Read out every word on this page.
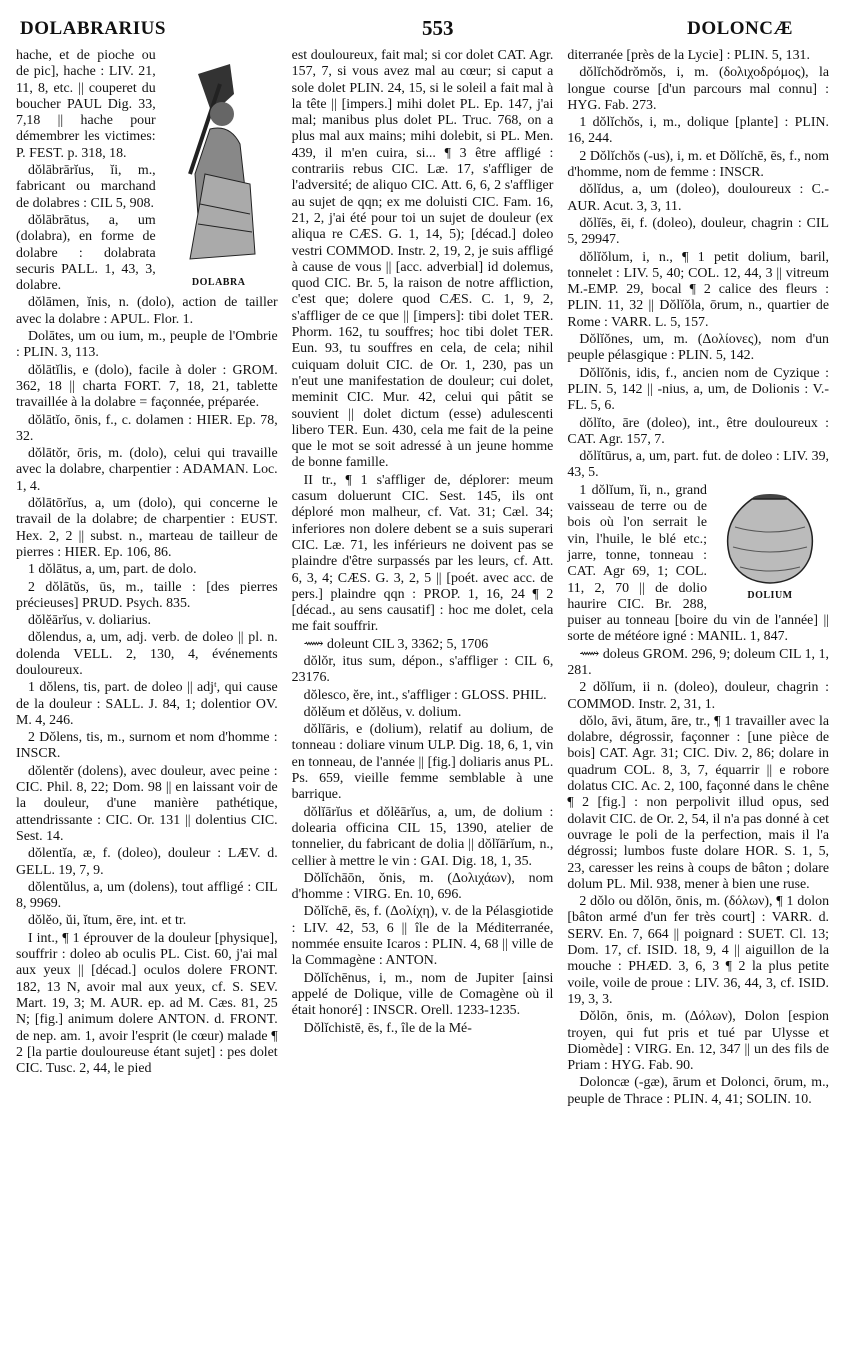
DOLABRARIUS	553	DOLONCÆ
DOLABRA

hache, et de pioche ou de pic], hache : LIV. 21, 11, 8, etc. || couperet du boucher PAUL Dig. 33, 7,18 || hache pour démembrer les victimes: P. FEST. p. 318, 18.

dŏlābrārĭus, ĭi, m., fabricant ou marchand de dolabres : CIL 5, 908.

dŏlābrātus, a, um (dolabra), en forme de dolabre : dolabrata securis PALL. 1, 43, 3, dolabre.

dŏlāmen, ĭnis, n. (dolo), action de tailler avec la dolabre : APUL. Flor. 1.

Dolātes, um ou ium, m., peuple de l'Ombrie : PLIN. 3, 113.

dŏlātĭlis, e (dolo), facile à doler : GROM. 362, 18 || charta FORT. 7, 18, 21, tablette travaillée à la dolabre = façonnée, préparée.

dŏlātĭo, ōnis, f., c. dolamen : HIER. Ep. 78, 32.

dŏlātŏr, ōris, m. (dolo), celui qui travaille avec la dolabre, charpentier : ADAMAN. Loc. 1, 4.

dŏlātōrĭus, a, um (dolo), qui concerne le travail de la dolabre; de charpentier : EUST. Hex. 2, 2 || subst. n., marteau de tailleur de pierres : HIER. Ep. 106, 86.

1 dŏlātus, a, um, part. de dolo.

2 dŏlātŭs, ūs, m., taille : [des pierres précieuses] PRUD. Psych. 835.

dŏlĕārĭus, v. doliarius.

dŏlendus, a, um, adj. verb. de doleo || pl. n. dolenda VELL. 2, 130, 4, événements douloureux.

1 dŏlens, tis, part. de doleo || adjᵗ, qui cause de la douleur : SALL. J. 84, 1; dolentior OV. M. 4, 246.

2 Dŏlens, tis, m., surnom et nom d'homme : INSCR.

dŏlentĕr (dolens), avec douleur, avec peine : CIC. Phil. 8, 22; Dom. 98 || en laissant voir de la douleur, d'une manière pathétique, attendrissante : CIC. Or. 131 || dolentius CIC. Sest. 14.

dŏlentĭa, æ, f. (doleo), douleur : LÆV. d. GELL. 19, 7, 9.

dŏlentŭlus, a, um (dolens), tout affligé : CIL 8, 9969.

dŏlĕo, ŭi, ĭtum, ēre, int. et tr.

I int., ¶ 1 éprouver de la douleur [physique], souffrir : doleo ab oculis PL. Cist. 60, j'ai mal aux yeux || [décad.] oculos dolere FRONT. 182, 13 N, avoir mal aux yeux, cf. S. SEV. Mart. 19, 3; M. AUR. ep. ad M. Cæs. 81, 25 N; [fig.] animum dolere ANTON. d. FRONT. de nep. am. 1, avoir l'esprit (le cœur) malade ¶ 2 [la partie douloureuse étant sujet] : pes dolet CIC. Tusc. 2, 44, le pied

est douloureux, fait mal; si cor dolet CAT. Agr. 157, 7, si vous avez mal au cœur; si caput a sole dolet PLIN. 24, 15, si le soleil a fait mal à la tête || [impers.] mihi dolet PL. Ep. 147, j'ai mal; manibus plus dolet PL. Truc. 768, on a plus mal aux mains; mihi dolebit, si PL. Men. 439, il m'en cuira, si... ¶ 3 être affligé : contrariis rebus CIC. Læ. 17, s'affliger de l'adversité; de aliquo CIC. Att. 6, 6, 2 s'affliger au sujet de qqn; ex me doluisti CIC. Fam. 16, 21, 2, j'ai été pour toi un sujet de douleur (ex aliqua re CÆS. G. 1, 14, 5); [décad.] doleo vestri COMMOD. Instr. 2, 19, 2, je suis affligé à cause de vous || [acc. adverbial] id dolemus, quod CIC. Br. 5, la raison de notre affliction, c'est que; dolere quod CÆS. C. 1, 9, 2, s'affliger de ce que || [impers]: tibi dolet TER. Phorm. 162, tu souffres; hoc tibi dolet TER. Eun. 93, tu souffres en cela, de cela; nihil cuiquam doluit CIC. de Or. 1, 230, pas un n'eut une manifestation de douleur; cui dolet, meminit CIC. Mur. 42, celui qui pâtit se souvient || dolet dictum (esse) adulescenti libero TER. Eun. 430, cela me fait de la peine que le mot se soit adressé à un jeune homme de bonne famille.

II tr., ¶ 1 s'affliger de, déplorer: meum casum doluerunt CIC. Sest. 145, ils ont déploré mon malheur, cf. Vat. 31; Cæl. 34; inferiores non dolere debent se a suis superari CIC. Læ. 71, les inférieurs ne doivent pas se plaindre d'être surpassés par les leurs, cf. Att. 6, 3, 4; CÆS. G. 3, 2, 5 || [poét. avec acc. de pers.] plaindre qqn : PROP. 1, 16, 24 ¶ 2 [décad., au sens causatif] : hoc me dolet, cela me fait souffrir.

⟿ doleunt CIL 3, 3362; 5, 1706

dŏlŏr, itus sum, dépon., s'affliger : CIL 6, 23176.

dŏlesco, ĕre, int., s'affliger : GLOSS. PHIL.

dŏlĕum et dŏlĕus, v. dolium.

dŏlĭāris, e (dolium), relatif au dolium, de tonneau : doliare vinum ULP. Dig. 18, 6, 1, vin en tonneau, de l'année || [fig.] doliaris anus PL. Ps. 659, vieille femme semblable à une barrique.

dŏlĭārĭus et dŏlĕārĭus, a, um, de dolium : dolearia officina CIL 15, 1390, atelier de tonnelier, du fabricant de dolia || dŏlĭārĭum, n., cellier à mettre le vin : GAI. Dig. 18, 1, 35.

Dŏlĭchāōn, ŏnis, m. (Δολιχάων), nom d'homme : VIRG. En. 10, 696.

Dŏlĭchē, ēs, f. (Δολίχη), v. de la Pélasgiotide : LIV. 42, 53, 6 || île de la Méditerranée, nommée ensuite Icaros : PLIN. 4, 68 || ville de la Commagène : ANTON.

Dŏlĭchēnus, i, m., nom de Jupiter [ainsi appelé de Dolique, ville de Comagène où il était honoré] : INSCR. Orell. 1233-1235.

Dŏlĭchistē, ēs, f., île de la Mé-

diterranée [près de la Lycie] : PLIN. 5, 131.

dŏlĭchŏdrŏmŏs, i, m. (δολιχοδρόμος), la longue course [d'un parcours mal connu] : HYG. Fab. 273.

1 dŏlĭchŏs, i, m., dolique [plante] : PLIN. 16, 244.

2 Dŏlĭchŏs (-us), i, m. et Dŏlĭchē, ēs, f., nom d'homme, nom de femme : INSCR.

dŏlĭdus, a, um (doleo), douloureux : C.-AUR. Acut. 3, 3, 11.

dŏlĭēs, ēi, f. (doleo), douleur, chagrin : CIL 5, 29947.

dŏlĭŏlum, i, n., ¶ 1 petit dolium, baril, tonnelet : LIV. 5, 40; COL. 12, 44, 3 || vitreum M.-EMP. 29, bocal ¶ 2 calice des fleurs : PLIN. 11, 32 || Dŏlĭŏla, ōrum, n., quartier de Rome : VARR. L. 5, 157.

Dŏlĭŏnes, um, m. (Δολίονες), nom d'un peuple pélasgique : PLIN. 5, 142.

Dŏlĭŏnis, idis, f., ancien nom de Cyzique : PLIN. 5, 142 || -nius, a, um, de Dolionis : V.-FL. 5, 6.

dŏlĭto, āre (doleo), int., être douloureux : CAT. Agr. 157, 7.

dŏlĭtūrus, a, um, part. fut. de doleo : LIV. 39, 43, 5.

DOLIUM

1 dŏlĭum, ĭi, n., grand vaisseau de terre ou de bois où l'on serrait le vin, l'huile, le blé etc.; jarre, tonne, tonneau : CAT. Agr 69, 1; COL. 11, 2, 70 || de dolio haurire CIC. Br. 288, puiser au tonneau [boire du vin de l'année] || sorte de météore igné : MANIL. 1, 847.

⟿ doleus GROM. 296, 9; doleum CIL 1, 1, 281.

2 dŏlĭum, ii n. (doleo), douleur, chagrin : COMMOD. Instr. 2, 31, 1.

dŏlo, āvi, ātum, āre, tr., ¶ 1 travailler avec la dolabre, dégrossir, façonner : [une pièce de bois] CAT. Agr. 31; CIC. Div. 2, 86; dolare in quadrum COL. 8, 3, 7, équarrir || e robore dolatus CIC. Ac. 2, 100, façonné dans le chêne ¶ 2 [fig.] : non perpolivit illud opus, sed dolavit CIC. de Or. 2, 54, il n'a pas donné à cet ouvrage le poli de la perfection, mais il l'a dégrossi; lumbos fuste dolare HOR. S. 1, 5, 23, caresser les reins à coups de bâton ; dolare dolum PL. Mil. 938, mener à bien une ruse.

2 dŏlo ou dŏlōn, ōnis, m. (δόλων), ¶ 1 dolon [bâton armé d'un fer très court] : VARR. d. SERV. En. 7, 664 || poignard : SUET. Cl. 13; Dom. 17, cf. ISID. 18, 9, 4 || aiguillon de la mouche : PHÆD. 3, 6, 3 ¶ 2 la plus petite voile, voile de proue : LIV. 36, 44, 3, cf. ISID. 19, 3, 3.

Dŏlōn, ōnis, m. (Δόλων), Dolon [espion troyen, qui fut pris et tué par Ulysse et Diomède] : VIRG. En. 12, 347 || un des fils de Priam : HYG. Fab. 90.

Doloncæ (-gæ), ārum et Dolonci, ōrum, m., peuple de Thrace : PLIN. 4, 41; SOLIN. 10.
